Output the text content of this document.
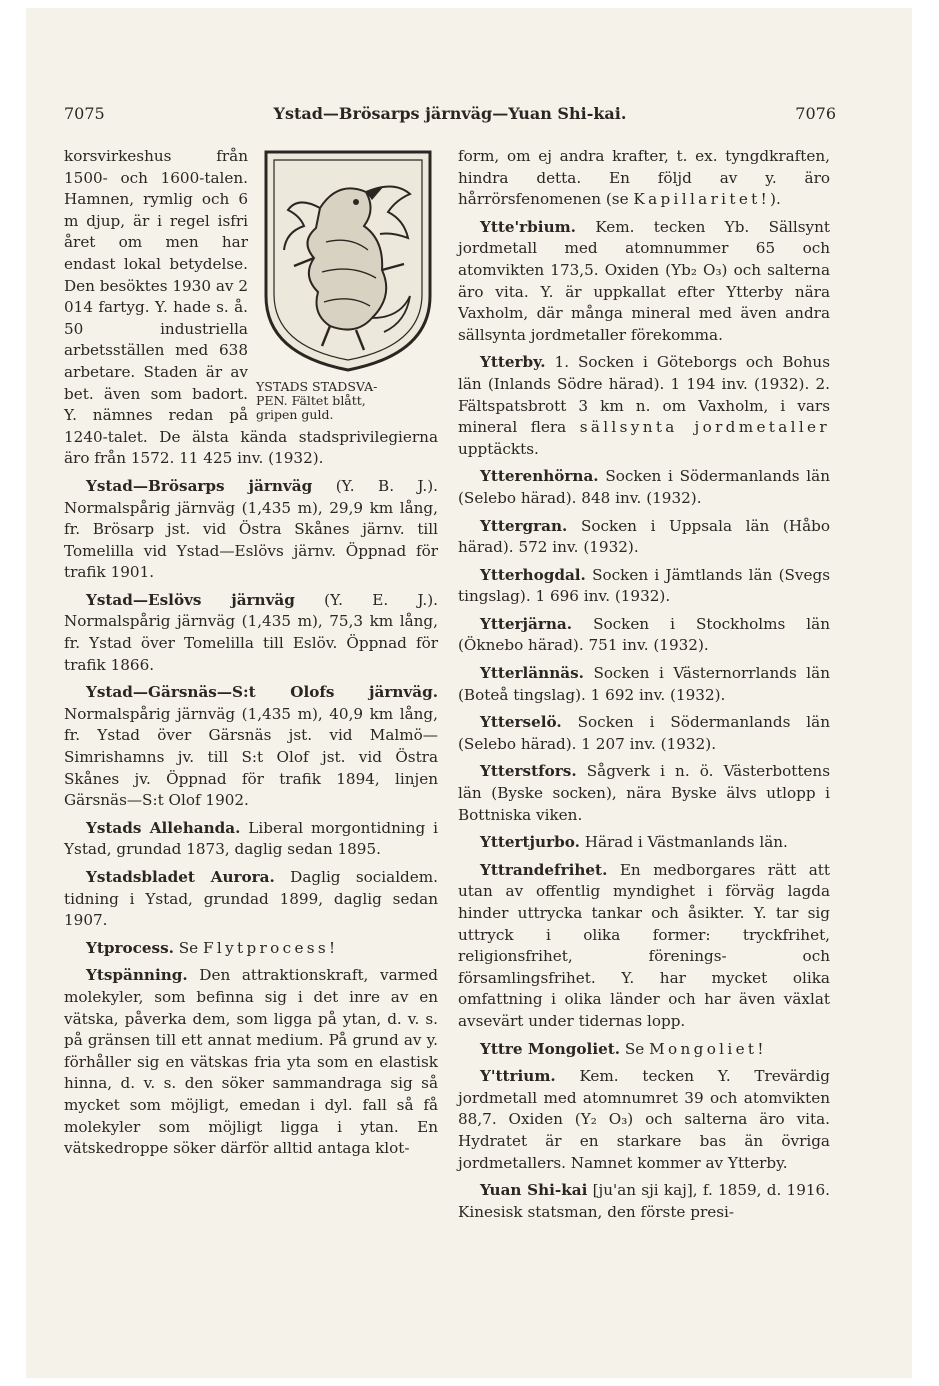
7075	Ystad—Brösarps järnväg—Yuan Shi-kai.	7076
YSTADS STADSVA-
PEN. Fältet blått,
gripen guld.

korsvirkeshus från 1500- och 1600-talen. Hamnen, rymlig och 6 m djup, är i regel isfri året om men har endast lokal betydelse. Den besöktes 1930 av 2 014 fartyg. Y. hade s. å. 50 industriella arbetsställen med 638 arbetare. Staden är av bet. även som badort. Y. nämnes redan på 1240-talet. De älsta kända stadsprivilegierna äro från 1572. 11 425 inv. (1932).

Ystad—Brösarps järnväg (Y. B. J.). Normalspårig järnväg (1,435 m), 29,9 km lång, fr. Brösarp jst. vid Östra Skånes järnv. till Tomelilla vid Ystad—Eslövs järnv. Öppnad för trafik 1901.

Ystad—Eslövs järnväg (Y. E. J.). Normalspårig järnväg (1,435 m), 75,3 km lång, fr. Ystad över Tomelilla till Eslöv. Öppnad för trafik 1866.

Ystad—Gärsnäs—S:t Olofs järnväg. Normalspårig järnväg (1,435 m), 40,9 km lång, fr. Ystad över Gärsnäs jst. vid Malmö—Simrishamns jv. till S:t Olof jst. vid Östra Skånes jv. Öppnad för trafik 1894, linjen Gärsnäs—S:t Olof 1902.

Ystads Allehanda. Liberal morgontidning i Ystad, grundad 1873, daglig sedan 1895.

Ystadsbladet Aurora. Daglig socialdem. tidning i Ystad, grundad 1899, daglig sedan 1907.

Ytprocess. Se Flytprocess!

Ytspänning. Den attraktionskraft, varmed molekyler, som befinna sig i det inre av en vätska, påverka dem, som ligga på ytan, d. v. s. på gränsen till ett annat medium. På grund av y. förhåller sig en vätskas fria yta som en elastisk hinna, d. v. s. den söker sammandraga sig så mycket som möjligt, emedan i dyl. fall så få molekyler som möjligt ligga i ytan. En vätskedroppe söker därför alltid antaga klot-

form, om ej andra krafter, t. ex. tyngdkraften, hindra detta. En följd av y. äro hårrörsfenomenen (se Kapillaritet!).

Ytte'rbium. Kem. tecken Yb. Sällsynt jordmetall med atomnummer 65 och atomvikten 173,5. Oxiden (Yb₂ O₃) och salterna äro vita. Y. är uppkallat efter Ytterby nära Vaxholm, där många mineral med även andra sällsynta jordmetaller förekomma.

Ytterby. 1. Socken i Göteborgs och Bohus län (Inlands Södre härad). 1 194 inv. (1932). 2. Fältspatsbrott 3 km n. om Vaxholm, i vars mineral flera sällsynta jordmetaller upptäckts.

Ytterenhörna. Socken i Södermanlands län (Selebo härad). 848 inv. (1932).

Yttergran. Socken i Uppsala län (Håbo härad). 572 inv. (1932).

Ytterhogdal. Socken i Jämtlands län (Svegs tingslag). 1 696 inv. (1932).

Ytterjärna. Socken i Stockholms län (Öknebo härad). 751 inv. (1932).

Ytterlännäs. Socken i Västernorrlands län (Boteå tingslag). 1 692 inv. (1932).

Ytterselö. Socken i Södermanlands län (Selebo härad). 1 207 inv. (1932).

Ytterstfors. Sågverk i n. ö. Västerbottens län (Byske socken), nära Byske älvs utlopp i Bottniska viken.

Yttertjurbo. Härad i Västmanlands län.

Yttrandefrihet. En medborgares rätt att utan av offentlig myndighet i förväg lagda hinder uttrycka tankar och åsikter. Y. tar sig uttryck i olika former: tryckfrihet, religionsfrihet, förenings- och församlingsfrihet. Y. har mycket olika omfattning i olika länder och har även växlat avsevärt under tidernas lopp.

Yttre Mongoliet. Se Mongoliet!

Y'ttrium. Kem. tecken Y. Trevärdig jordmetall med atomnumret 39 och atomvikten 88,7. Oxiden (Y₂ O₃) och salterna äro vita. Hydratet är en starkare bas än övriga jordmetallers. Namnet kommer av Ytterby.

Yuan Shi-kai [ju'an sji kaj], f. 1859, d. 1916. Kinesisk statsman, den förste presi-
